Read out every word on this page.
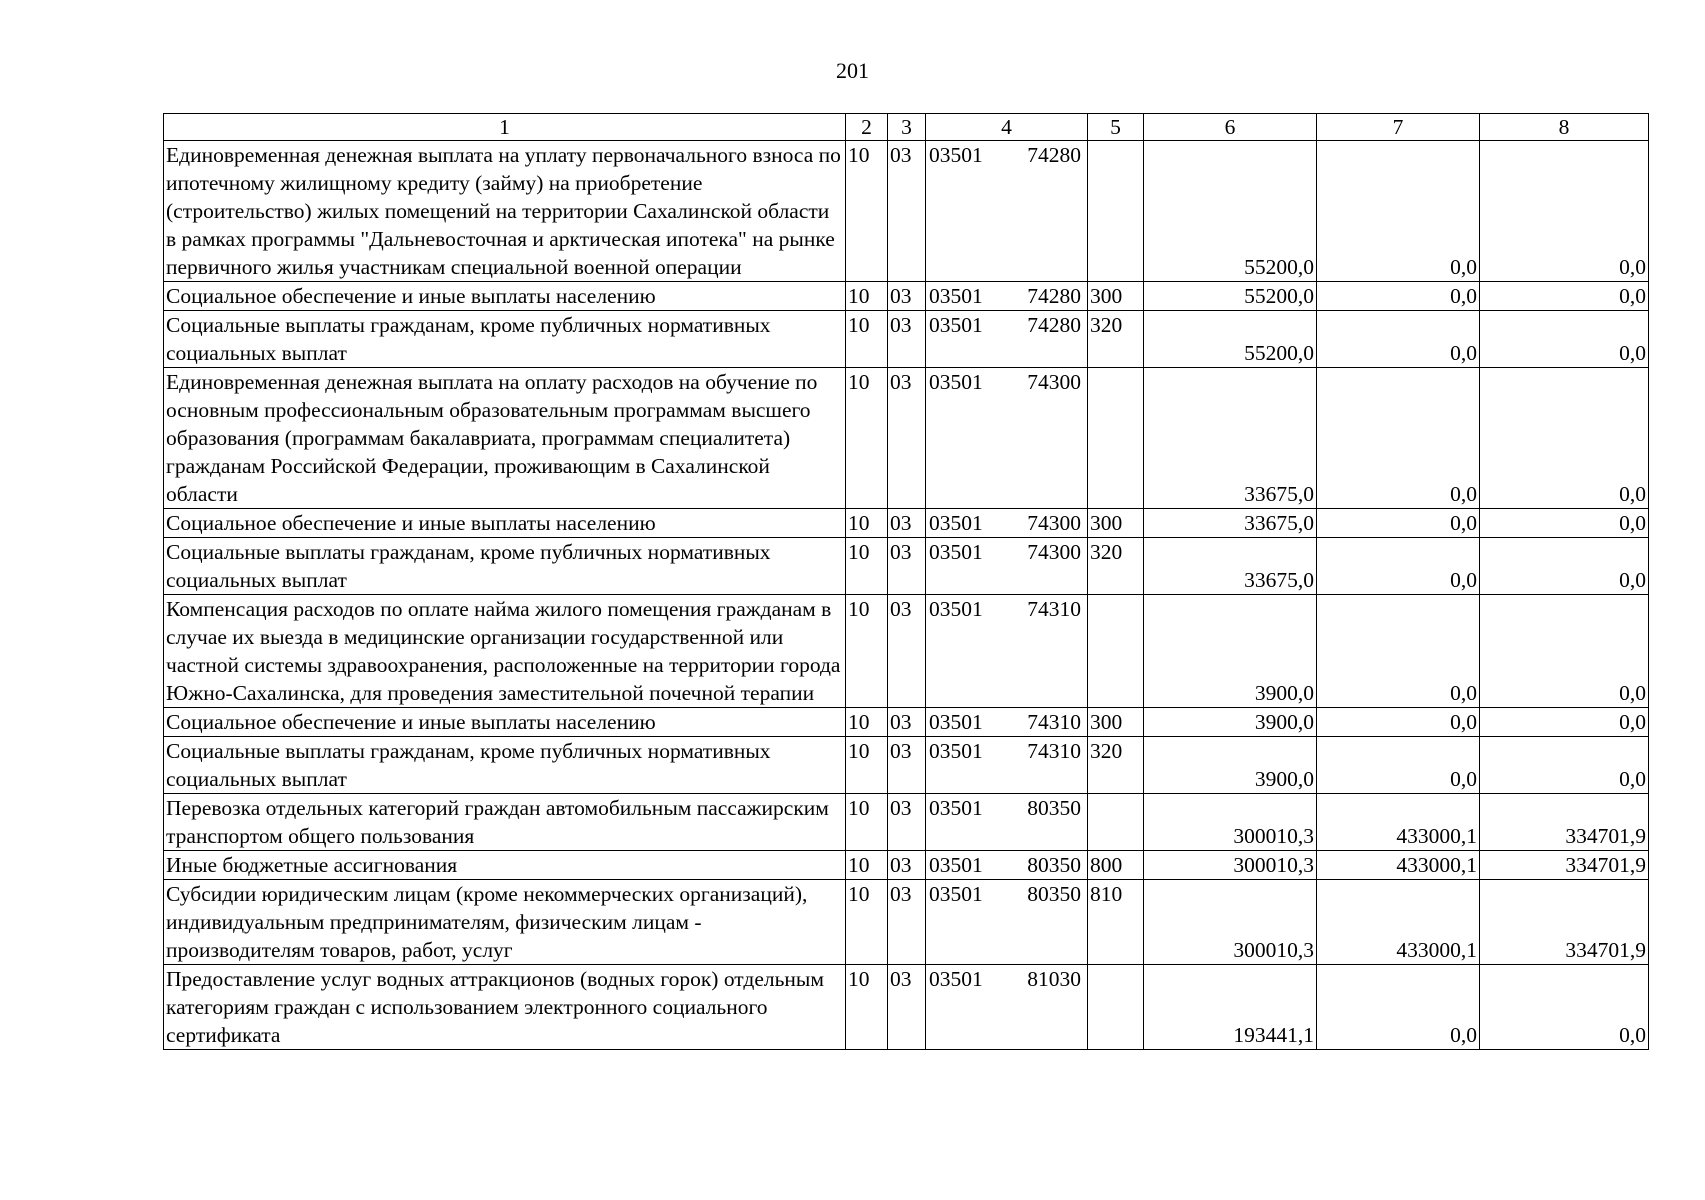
201
1	2	3	4	5	6	7	8
Единовременная денежная выплата на уплату первоначального взноса по ипотечному жилищному кредиту (займу) на приобретение (строительство) жилых помещений на территории Сахалинской области в рамках программы "Дальневосточная и арктическая ипотека" на рынке первичного жилья участникам специальной военной операции	10	03	03501 74280		55200,0	0,0	0,0
Социальное обеспечение и иные выплаты населению	10	03	03501 74280	300	55200,0	0,0	0,0
Социальные выплаты гражданам, кроме публичных нормативных социальных выплат	10	03	03501 74280	320	55200,0	0,0	0,0
Единовременная денежная выплата на оплату расходов на обучение по основным профессиональным образовательным программам высшего образования (программам бакалавриата, программам специалитета) гражданам Российской Федерации, проживающим в Сахалинской области	10	03	03501 74300		33675,0	0,0	0,0
Социальное обеспечение и иные выплаты населению	10	03	03501 74300	300	33675,0	0,0	0,0
Социальные выплаты гражданам, кроме публичных нормативных социальных выплат	10	03	03501 74300	320	33675,0	0,0	0,0
Компенсация расходов по оплате найма жилого помещения гражданам в случае их выезда в медицинские организации государственной или частной системы здравоохранения, расположенные на территории города Южно-Сахалинска, для проведения заместительной почечной терапии	10	03	03501 74310		3900,0	0,0	0,0
Социальное обеспечение и иные выплаты населению	10	03	03501 74310	300	3900,0	0,0	0,0
Социальные выплаты гражданам, кроме публичных нормативных социальных выплат	10	03	03501 74310	320	3900,0	0,0	0,0
Перевозка отдельных категорий граждан автомобильным пассажирским транспортом общего пользования	10	03	03501 80350		300010,3	433000,1	334701,9
Иные бюджетные ассигнования	10	03	03501 80350	800	300010,3	433000,1	334701,9
Субсидии юридическим лицам (кроме некоммерческих организаций), индивидуальным предпринимателям, физическим лицам - производителям товаров, работ, услуг	10	03	03501 80350	810	300010,3	433000,1	334701,9
Предоставление услуг водных аттракционов (водных горок) отдельным категориям граждан с использованием электронного социального сертификата	10	03	03501 81030		193441,1	0,0	0,0
